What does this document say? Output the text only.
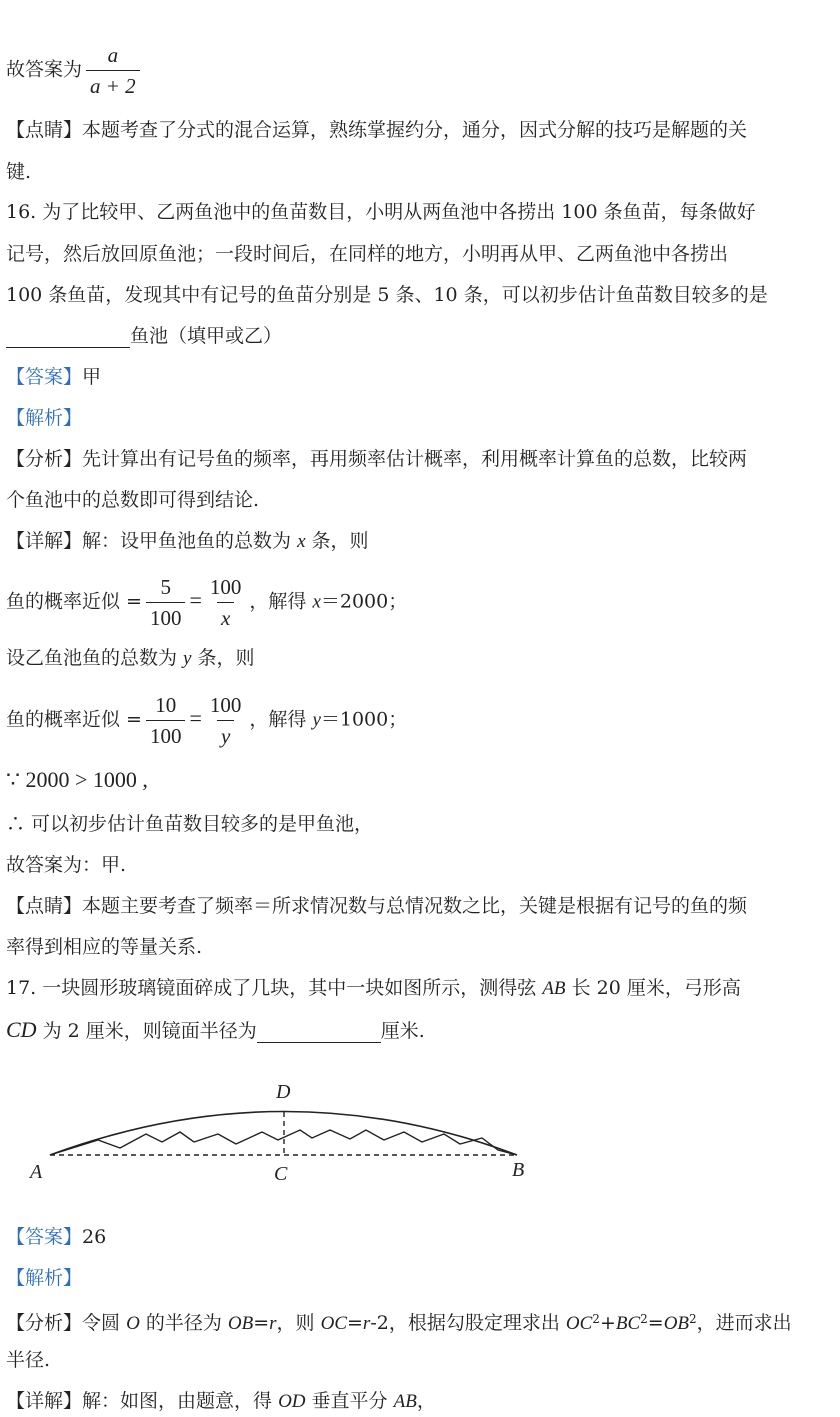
故答案为 $\frac{a}{a + 2}$
【点睛】本题考查了分式的混合运算，熟练掌握约分，通分，因式分解的技巧是解题的关
键.
16. 为了比较甲、乙两鱼池中的鱼苗数目，小明从两鱼池中各捞出 100 条鱼苗，每条做好
记号，然后放回原鱼池；一段时间后，在同样的地方，小明再从甲、乙两鱼池中各捞出
100 条鱼苗，发现其中有记号的鱼苗分别是 5 条、10 条，可以初步估计鱼苗数目较多的是
鱼池（填甲或乙）
【答案】甲
【解析】
【分析】先计算出有记号鱼的频率，再用频率估计概率，利用概率计算鱼的总数，比较两
个鱼池中的总数即可得到结论.
【详解】解：设甲鱼池鱼的总数为 x 条，则
鱼的概率近似 = $\frac{5}{100} = \frac{100}{x}$ ，解得 x＝2000；
设乙鱼池鱼的总数为 y 条，则
鱼的概率近似 = $\frac{10}{100} = \frac{100}{y}$ ，解得 y＝1000；
∵ 2000 > 1000 ,
∴ 可以初步估计鱼苗数目较多的是甲鱼池，
故答案为：甲.
【点睛】本题主要考查了频率＝所求情况数与总情况数之比，关键是根据有记号的鱼的频
率得到相应的等量关系.
17. 一块圆形玻璃镜面碎成了几块，其中一块如图所示，测得弦 AB 长 20 厘米，弓形高
CD 为 2 厘米，则镜面半径为	厘米.
D
A	C	B
【答案】26
【解析】
【分析】令圆 O 的半径为 OB=r，则 OC=r-2，根据勾股定理求出 $OC^2+BC^2=OB^2$，进而求出
半径.
【详解】解：如图，由题意，得 OD 垂直平分 AB，
